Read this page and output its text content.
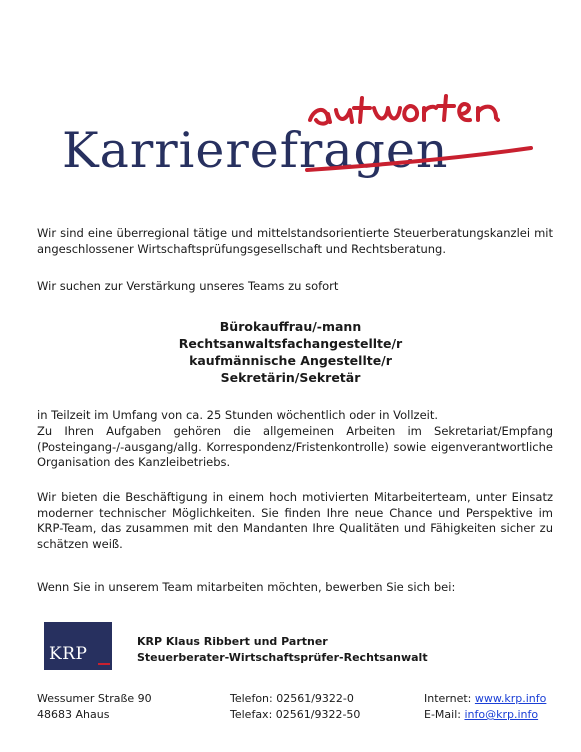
antworten
Karrierefragen
Wir sind eine überregional tätige und mittelstandsorientierte Steuerberatungskanzlei mit angeschlossener Wirtschaftsprüfungsgesellschaft und Rechtsberatung.
Wir suchen zur Verstärkung unseres Teams zu sofort
Bürokauffrau/-mann
Rechtsanwaltsfachangestellte/r
kaufmännische Angestellte/r
Sekretärin/Sekretär
in Teilzeit im Umfang von ca. 25 Stunden wöchentlich oder in Vollzeit.
Zu Ihren Aufgaben gehören die allgemeinen Arbeiten im Sekretariat/Empfang (Posteingang-/-ausgang/allg. Korrespondenz/Fristenkontrolle) sowie eigenverantwortliche Organisation des Kanzleibetriebs.
Wir bieten die Beschäftigung in einem hoch motivierten Mitarbeiterteam, unter Einsatz moderner technischer Möglichkeiten. Sie finden Ihre neue Chance und Perspektive im KRP-Team, das zusammen mit den Mandanten Ihre Qualitäten und Fähigkeiten sicher zu schätzen weiß.
Wenn Sie in unserem Team mitarbeiten möchten, bewerben Sie sich bei:
KRP
KRP Klaus Ribbert und Partner
Steuerberater-Wirtschaftsprüfer-Rechtsanwalt
Wessumer Straße 90
48683 Ahaus
Telefon: 02561/9322-0
Telefax: 02561/9322-50
Internet: www.krp.info
E-Mail: info@krp.info
